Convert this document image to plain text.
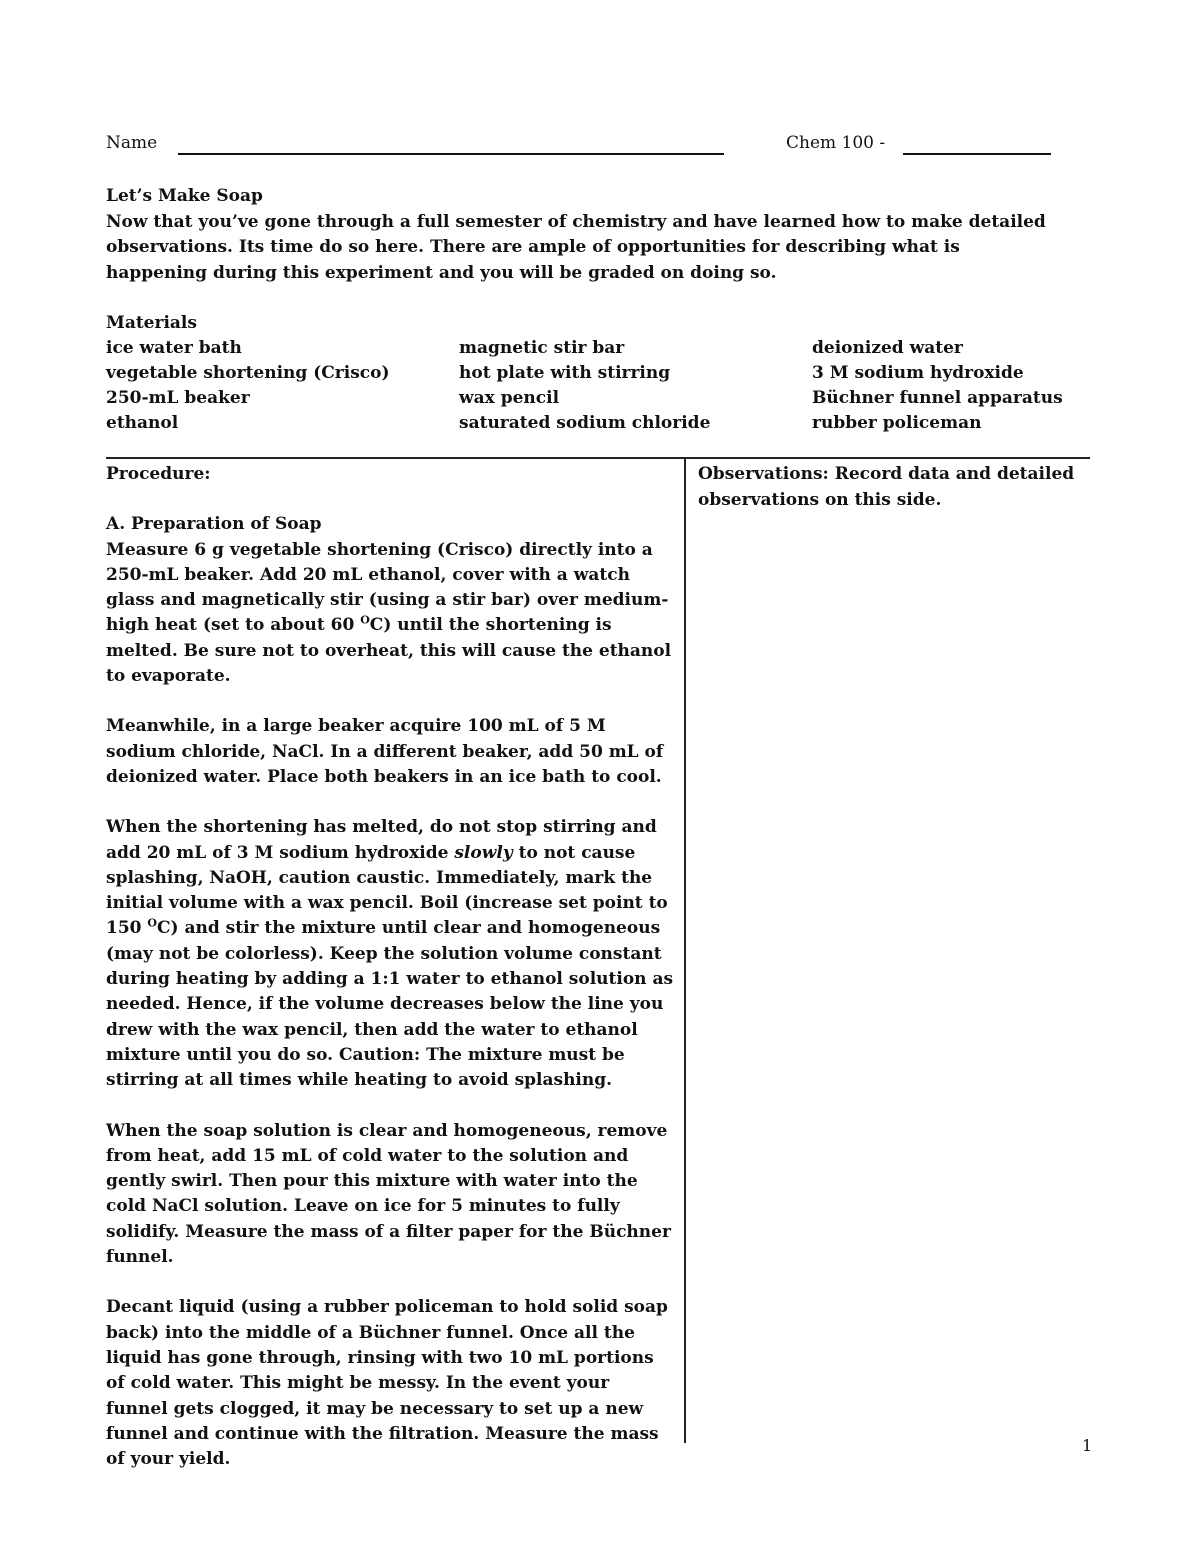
Name	Chem 100 -
Let’s Make Soap
Now that you’ve gone through a full semester of chemistry and have learned how to make detailed observations. Its time do so here. There are ample of opportunities for describing what is happening during this experiment and you will be graded on doing so.
Materials
ice water bath	magnetic stir bar	deionized water
vegetable shortening (Crisco)	hot plate with stirring	3 M sodium hydroxide
250-mL beaker	wax pencil	Büchner funnel apparatus
ethanol	saturated sodium chloride	rubber policeman

Procedure:

A. Preparation of Soap

Measure 6 g vegetable shortening (Crisco) directly into a 250-mL beaker. Add 20 mL ethanol, cover with a watch glass and magnetically stir (using a stir bar) over medium-high heat (set to about 60 $^O$C) until the shortening is melted. Be sure not to overheat, this will cause the ethanol to evaporate.

Meanwhile, in a large beaker acquire 100 mL of 5 M sodium chloride, NaCl. In a different beaker, add 50 mL of deionized water. Place both beakers in an ice bath to cool.

When the shortening has melted, do not stop stirring and add 20 mL of 3 M sodium hydroxide slowly to not cause splashing, NaOH, caution caustic. Immediately, mark the initial volume with a wax pencil. Boil (increase set point to 150 $^O$C) and stir the mixture until clear and homogeneous (may not be colorless). Keep the solution volume constant during heating by adding a 1:1 water to ethanol solution as needed. Hence, if the volume decreases below the line you drew with the wax pencil, then add the water to ethanol mixture until you do so. Caution: The mixture must be stirring at all times while heating to avoid splashing.

When the soap solution is clear and homogeneous, remove from heat, add 15 mL of cold water to the solution and gently swirl. Then pour this mixture with water into the cold NaCl solution. Leave on ice for 5 minutes to fully solidify. Measure the mass of a filter paper for the Büchner funnel.

Decant liquid (using a rubber policeman to hold solid soap back) into the middle of a Büchner funnel. Once all the liquid has gone through, rinsing with two 10 mL portions of cold water. This might be messy. In the event your funnel gets clogged, it may be necessary to set up a new funnel and continue with the filtration. Measure the mass of your yield.

Observations: Record data and detailed observations on this side.
1
